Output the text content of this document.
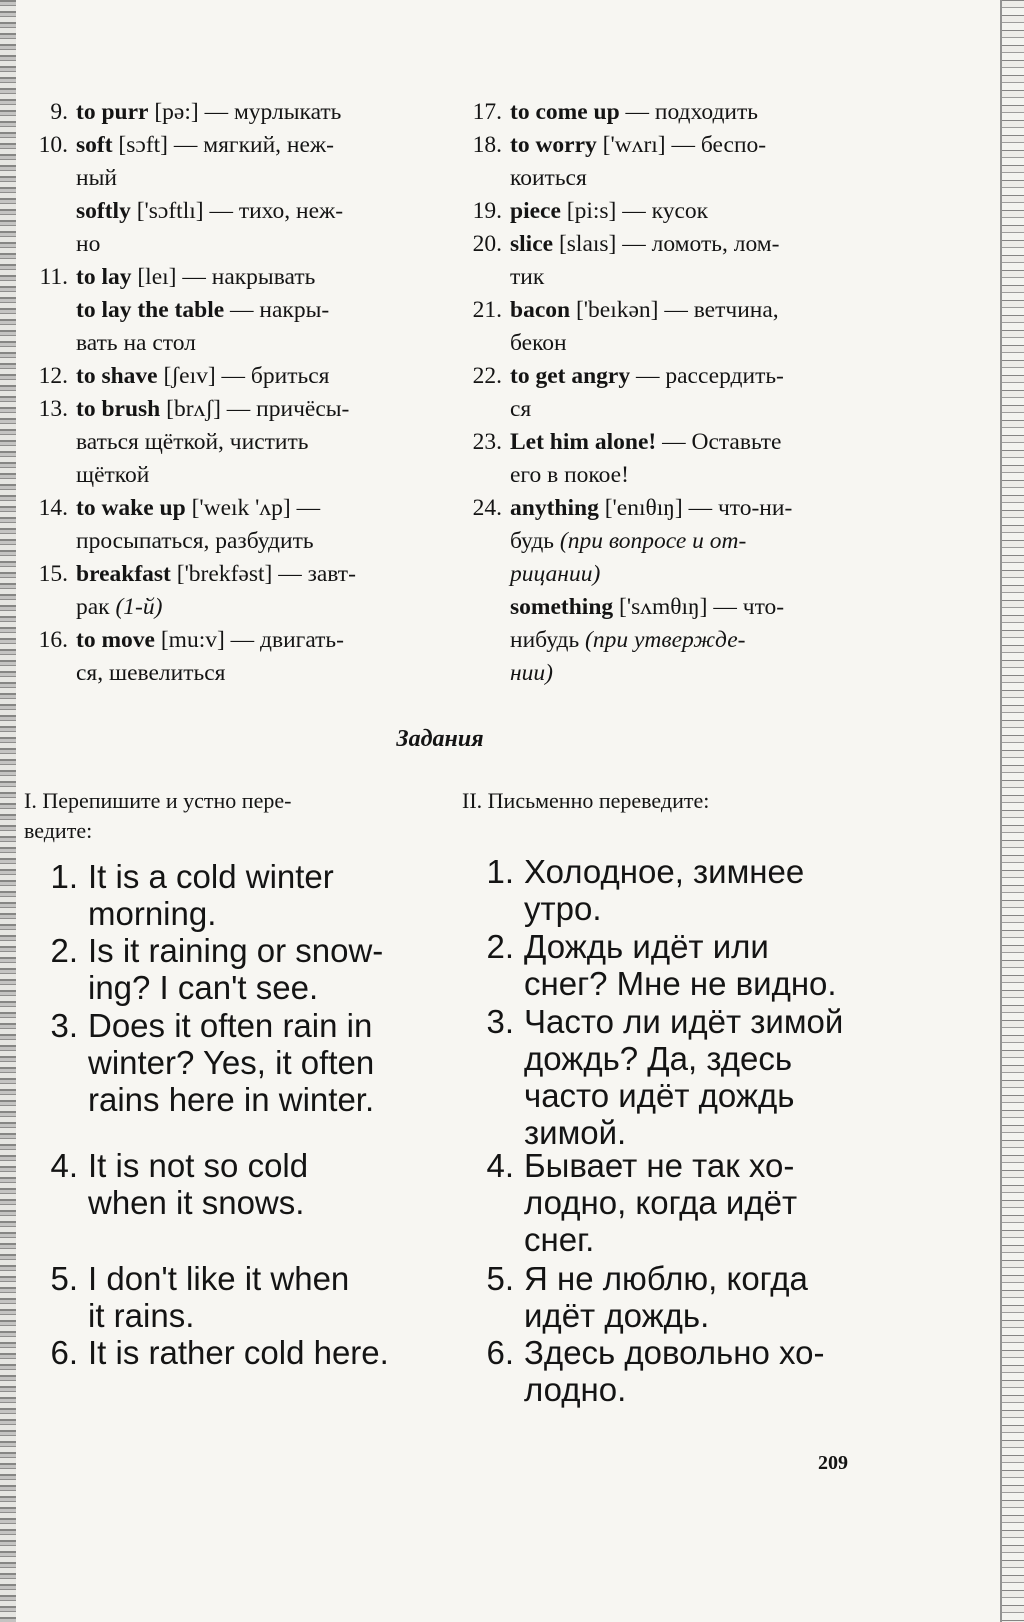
9. to purr [pə:] — мурлыкать
10. soft [sɔft] — мягкий, неж-
ный
softly ['sɔftlı] — тихо, неж-
но
11. to lay [leı] — накрывать
to lay the table — накры-
вать на стол
12. to shave [ʃeıv] — бриться
13. to brush [brʌʃ] — причёсы-
ваться щёткой, чистить
щёткой
14. to wake up ['weık 'ʌp] —
просыпаться, разбудить
15. breakfast ['brekfəst] — завт-
рак (1-й)
16. to move [mu:v] — двигать-
ся, шевелиться
17. to come up — подходить
18. to worry ['wʌrı] — беспо-
коиться
19. piece [pi:s] — кусок
20. slice [slaıs] — ломоть, лом-
тик
21. bacon ['beıkən] — ветчина,
бекон
22. to get angry — рассердить-
ся
23. Let him alone! — Оставьте
его в покое!
24. anything ['enıθıŋ] — что-ни-
будь (при вопросе и от-
рицании)
something ['sʌmθıŋ] — что-
нибудь (при утвержде-
нии)
Задания
I. Перепишите и устно пере-
ведите:
II. Письменно переведите:
1. It is a cold winter
morning.
2. Is it raining or snow-
ing? I can't see.
3. Does it often rain in
winter? Yes, it often
rains here in winter.
4. It is not so cold
when it snows.
5. I don't like it when
it rains.
6. It is rather cold here.
1. Холодное, зимнее
утро.
2. Дождь идёт или
снег? Мне не видно.
3. Часто ли идёт зимой
дождь? Да, здесь
часто идёт дождь
зимой.
4. Бывает не так хо-
лодно, когда идёт
снег.
5. Я не люблю, когда
идёт дождь.
6. Здесь довольно хо-
лодно.
209
